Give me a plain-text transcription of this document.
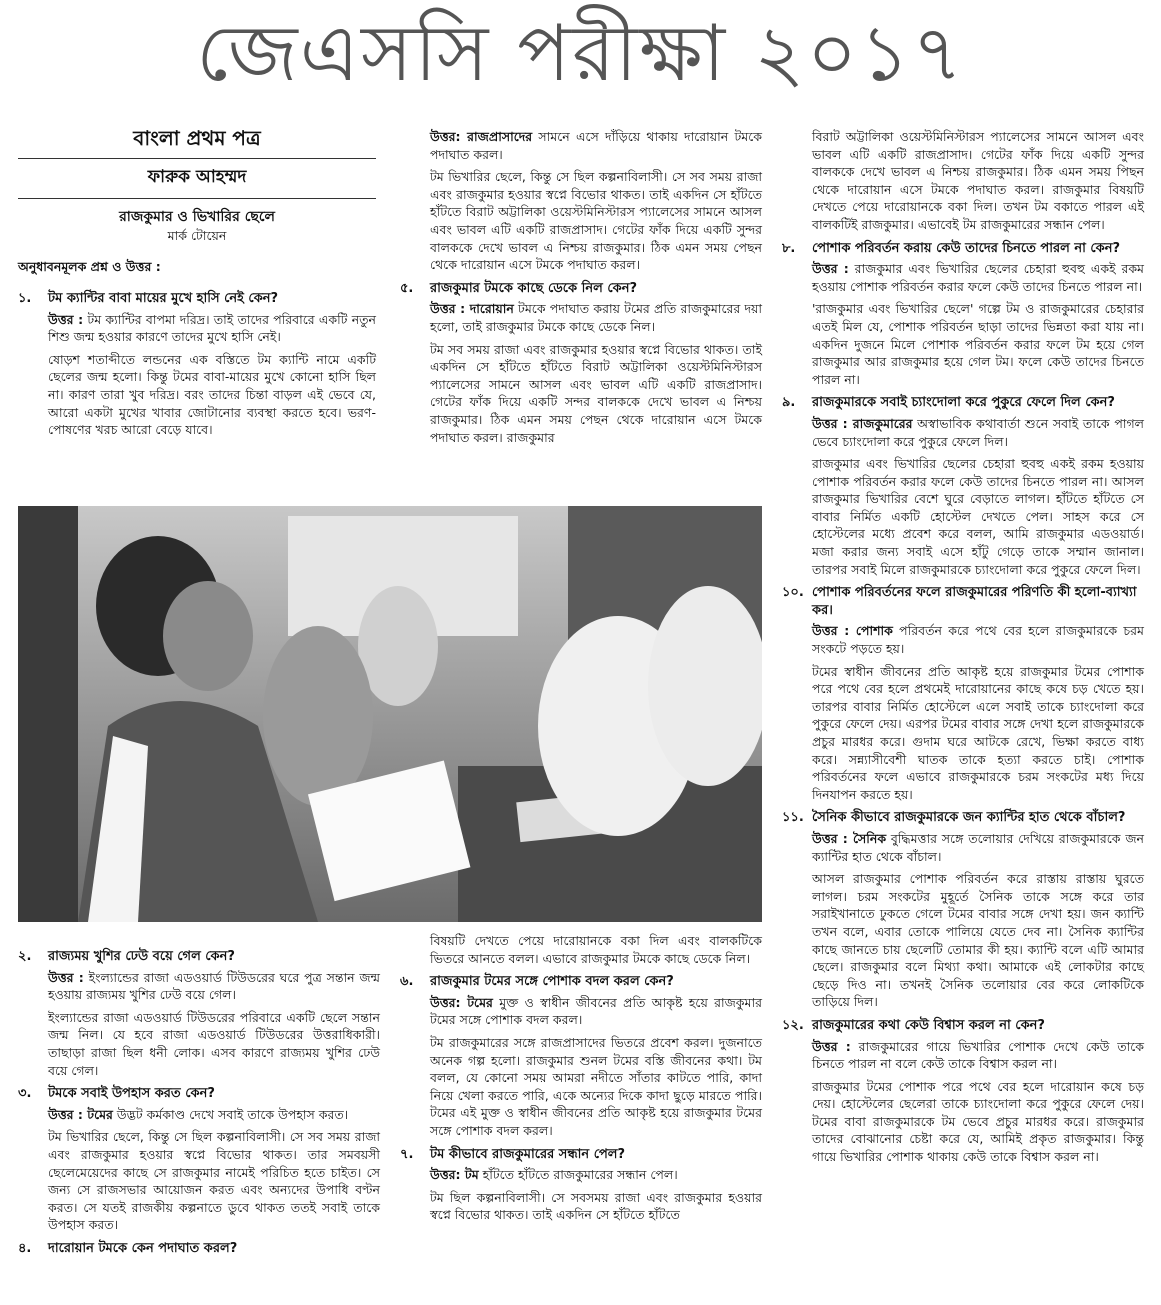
জেএসসি পরীক্ষা ২০১৭
বাংলা প্রথম পত্র
ফারুক আহম্মদ
রাজকুমার ও ভিখারির ছেলে
মার্ক টোয়েন
অনুধাবনমূলক প্রশ্ন ও উত্তর :
১.	টম ক্যান্টির বাবা মায়ের মুখে হাসি নেই কেন?

উত্তর : টম ক্যান্টির বাপমা দরিদ্র। তাই তাদের পরিবারে একটি নতুন শিশু জন্ম হওয়ার কারণে তাদের মুখে হাসি নেই।

ষোড়শ শতাব্দীতে লন্ডনের এক বস্তিতে টম ক্যান্টি নামে একটি ছেলের জন্ম হলো। কিন্তু টমের বাবা-মায়ের মুখে কোনো হাসি ছিল না। কারণ তারা খুব দরিদ্র। বরং তাদের চিন্তা বাড়ল এই ভেবে যে, আরো একটা মুখের খাবার জোটানোর ব্যবস্থা করতে হবে। ভরণ-পোষণের খরচ আরো বেড়ে যাবে।

উত্তর: রাজপ্রাসাদের সামনে এসে দাঁড়িয়ে থাকায় দারোয়ান টমকে পদাঘাত করল।

টম ভিখারির ছেলে, কিন্তু সে ছিল কল্পনাবিলাসী। সে সব সময় রাজা এবং রাজকুমার হওয়ার স্বপ্নে বিভোর থাকত। তাই একদিন সে হাঁটতে হাঁটতে বিরাট অট্টালিকা ওয়েস্টমিনিস্টারস প্যালেসের সামনে আসল এবং ভাবল এটি একটি রাজপ্রাসাদ। গেটের ফাঁক দিয়ে একটি সুন্দর বালককে দেখে ভাবল এ নিশ্চয় রাজকুমার। ঠিক এমন সময় পেছন থেকে দারোয়ান এসে টমকে পদাঘাত করল।

৫.	রাজকুমার টমকে কাছে ডেকে নিল কেন?

উত্তর : দারোয়ান টমকে পদাঘাত করায় টমের প্রতি রাজকুমারের দয়া হলো, তাই রাজকুমার টমকে কাছে ডেকে নিল।

টম সব সময় রাজা এবং রাজকুমার হওয়ার স্বপ্নে বিভোর থাকত। তাই একদিন সে হাঁটতে হাঁটতে বিরাট অট্টালিকা ওয়েস্টমিনিস্টারস প্যালেসের সামনে আসল এবং ভাবল এটি একটি রাজপ্রাসাদ। গেটের ফাঁক দিয়ে একটি সন্দর বালককে দেখে ভাবল এ নিশ্চয় রাজকুমার। ঠিক এমন সময় পেছন থেকে দারোয়ান এসে টমকে পদাঘাত করল। রাজকুমার

বিরাট অট্টালিকা ওয়েস্টমিনিস্টারস প্যালেসের সামনে আসল এবং ভাবল এটি একটি রাজপ্রাসাদ। গেটের ফাঁক দিয়ে একটি সুন্দর বালককে দেখে ভাবল এ নিশ্চয় রাজকুমার। ঠিক এমন সময় পিছন থেকে দারোয়ান এসে টমকে পদাঘাত করল। রাজকুমার বিষয়টি দেখতে পেয়ে দারোয়ানকে বকা দিল। তখন টম বকাতে পারল এই বালকটিই রাজকুমার। এভাবেই টম রাজকুমারের সন্ধান পেল।

৮.	পোশাক পরিবর্তন করায় কেউ তাদের চিনতে পারল না কেন?

উত্তর : রাজকুমার এবং ভিখারির ছেলের চেহারা হুবহু একই রকম হওয়ায় পোশাক পরিবর্তন করার ফলে কেউ তাদের চিনতে পারল না।

'রাজকুমার এবং ভিখারির ছেলে' গল্পে টম ও রাজকুমারের চেহারার এতই মিল যে, পোশাক পরিবর্তন ছাড়া তাদের ভিন্নতা করা যায় না। একদিন দুজনে মিলে পোশাক পরিবর্তন করার ফলে টম হয়ে গেল রাজকুমার আর রাজকুমার হয়ে গেল টম। ফলে কেউ তাদের চিনতে পারল না।

৯.	রাজকুমারকে সবাই চ্যাংদোলা করে পুকুরে ফেলে দিল কেন?

উত্তর : রাজকুমারের অস্বাভাবিক কথাবার্তা শুনে সবাই তাকে পাগল ভেবে চ্যাংদোলা করে পুকুরে ফেলে দিল।

রাজকুমার এবং ভিখারির ছেলের চেহারা হুবহু একই রকম হওয়ায় পোশাক পরিবর্তন করার ফলে কেউ তাদের চিনতে পারল না। আসল রাজকুমার ভিখারির বেশে ঘুরে বেড়াতে লাগল। হাঁটতে হাঁটতে সে বাবার নির্মিত একটি হোস্টেল দেখতে পেল। সাহস করে সে হোস্টেলের মধ্যে প্রবেশ করে বলল, আমি রাজকুমার এডওয়ার্ড। মজা করার জন্য সবাই এসে হাঁটু গেড়ে তাকে সম্মান জানাল। তারপর সবাই মিলে রাজকুমারকে চ্যাংদোলা করে পুকুরে ফেলে দিল।

১০. পোশাক পরিবর্তনের ফলে রাজকুমারের পরিণতি কী হলো-ব্যাখ্যা কর।

উত্তর : পোশাক পরিবর্তন করে পথে বের হলে রাজকুমারকে চরম সংকটে পড়তে হয়।

টমের স্বাধীন জীবনের প্রতি আকৃষ্ট হয়ে রাজকুমার টমের পোশাক পরে পথে বের হলে প্রথমেই দারোয়ানের কাছে কষে চড় খেতে হয়। তারপর বাবার নির্মিত হোস্টেলে এলে সবাই তাকে চ্যাংদোলা করে পুকুরে ফেলে দেয়। এরপর টমের বাবার সঙ্গে দেখা হলে রাজকুমারকে প্রচুর মারধর করে। গুদাম ঘরে আটকে রেখে, ভিক্ষা করতে বাধ্য করে। সন্ন্যাসীবেশী ঘাতক তাকে হত্যা করতে চাই। পোশাক পরিবর্তনের ফলে এভাবে রাজকুমারকে চরম সংকটের মধ্য দিয়ে দিনযাপন করতে হয়।

১১. সৈনিক কীভাবে রাজকুমারকে জন ক্যান্টির হাত থেকে বাঁচাল?

উত্তর : সৈনিক বুদ্ধিমত্তার সঙ্গে তলোয়ার দেখিয়ে রাজকুমারকে জন ক্যান্টির হাত থেকে বাঁচাল।

আসল রাজকুমার পোশাক পরিবর্তন করে রাস্তায় রাস্তায় ঘুরতে লাগল। চরম সংকটের মুহূর্তে সৈনিক তাকে সঙ্গে করে তার সরাইখানাতে ঢুকতে গেলে টমের বাবার সঙ্গে দেখা হয়। জন ক্যান্টি তখন বলে, এবার তোকে পালিয়ে যেতে দেব না। সৈনিক ক্যান্টির কাছে জানতে চায় ছেলেটি তোমার কী হয়। ক্যান্টি বলে এটি আমার ছেলে। রাজকুমার বলে মিথ্যা কথা। আমাকে এই লোকটার কাছে ছেড়ে দিও না। তখনই সৈনিক তলোয়ার বের করে লোকটিকে তাড়িয়ে দিল।

১২. রাজকুমারের কথা কেউ বিশ্বাস করল না কেন?

উত্তর : রাজকুমারের গায়ে ভিখারির পোশাক দেখে কেউ তাকে চিনতে পারল না বলে কেউ তাকে বিশ্বাস করল না।

রাজকুমার টমের পোশাক পরে পথে বের হলে দারোয়ান কষে চড় দেয়। হোস্টেলের ছেলেরা তাকে চ্যাংদোলা করে পুকুরে ফেলে দেয়। টমের বাবা রাজকুমারকে টম ভেবে প্রচুর মারধর করে। রাজকুমার তাদের বোঝানোর চেষ্টা করে যে, আমিই প্রকৃত রাজকুমার। কিন্তু গায়ে ভিখারির পোশাক থাকায় কেউ তাকে বিশ্বাস করল না।

২.	রাজ্যময় খুশির ঢেউ বয়ে গেল কেন?

উত্তর : ইংল্যান্ডের রাজা এডওয়ার্ড টিউডরের ঘরে পুত্র সন্তান জন্ম হওয়ায় রাজ্যময় খুশির ঢেউ বয়ে গেল।

ইংল্যান্ডের রাজা এডওয়ার্ড টিউডরের পরিবারে একটি ছেলে সন্তান জন্ম নিল। যে হবে রাজা এডওয়ার্ড টিউডরের উত্তরাধিকারী। তাছাড়া রাজা ছিল ধনী লোক। এসব কারণে রাজ্যময় খুশির ঢেউ বয়ে গেল।

৩.	টমকে সবাই উপহাস করত কেন?

উত্তর : টমের উদ্ভট কর্মকাণ্ড দেখে সবাই তাকে উপহাস করত।

টম ভিখারির ছেলে, কিন্তু সে ছিল কল্পনাবিলাসী। সে সব সময় রাজা এবং রাজকুমার হওয়ার স্বপ্নে বিভোর থাকত। তার সমবয়সী ছেলেমেয়েদের কাছে সে রাজকুমার নামেই পরিচিত হতে চাইত। সে জন্য সে রাজসভার আয়োজন করত এবং অন্যদের উপাধি বণ্টন করত। সে যতই রাজকীয় কল্পনাতে ডুবে থাকত ততই সবাই তাকে উপহাস করত।

৪.	দারোয়ান টমকে কেন পদাঘাত করল?

বিষয়টি দেখতে পেয়ে দারোয়ানকে বকা দিল এবং বালকটিকে ভিতরে আনতে বলল। এভাবে রাজকুমার টমকে কাছে ডেকে নিল।

৬.	রাজকুমার টমের সঙ্গে পোশাক বদল করল কেন?

উত্তর: টমের মুক্ত ও স্বাধীন জীবনের প্রতি আকৃষ্ট হয়ে রাজকুমার টমের সঙ্গে পোশাক বদল করল।

টম রাজকুমারের সঙ্গে রাজপ্রাসাদের ভিতরে প্রবেশ করল। দুজনাতে অনেক গল্প হলো। রাজকুমার শুনল টমের বস্তি জীবনের কথা। টম বলল, যে কোনো সময় আমরা নদীতে সাঁতার কাটতে পারি, কাদা নিয়ে খেলা করতে পারি, একে অন্যের দিকে কাদা ছুড়ে মারতে পারি। টমের এই মুক্ত ও স্বাধীন জীবনের প্রতি আকৃষ্ট হয়ে রাজকুমার টমের সঙ্গে পোশাক বদল করল।

৭.	টম কীভাবে রাজকুমারের সন্ধান পেল?

উত্তর: টম হাঁটতে হাঁটতে রাজকুমারের সন্ধান পেল।

টম ছিল কল্পনাবিলাসী। সে সবসময় রাজা এবং রাজকুমার হওয়ার স্বপ্নে বিভোর থাকত। তাই একদিন সে হাঁটতে হাঁটতে
